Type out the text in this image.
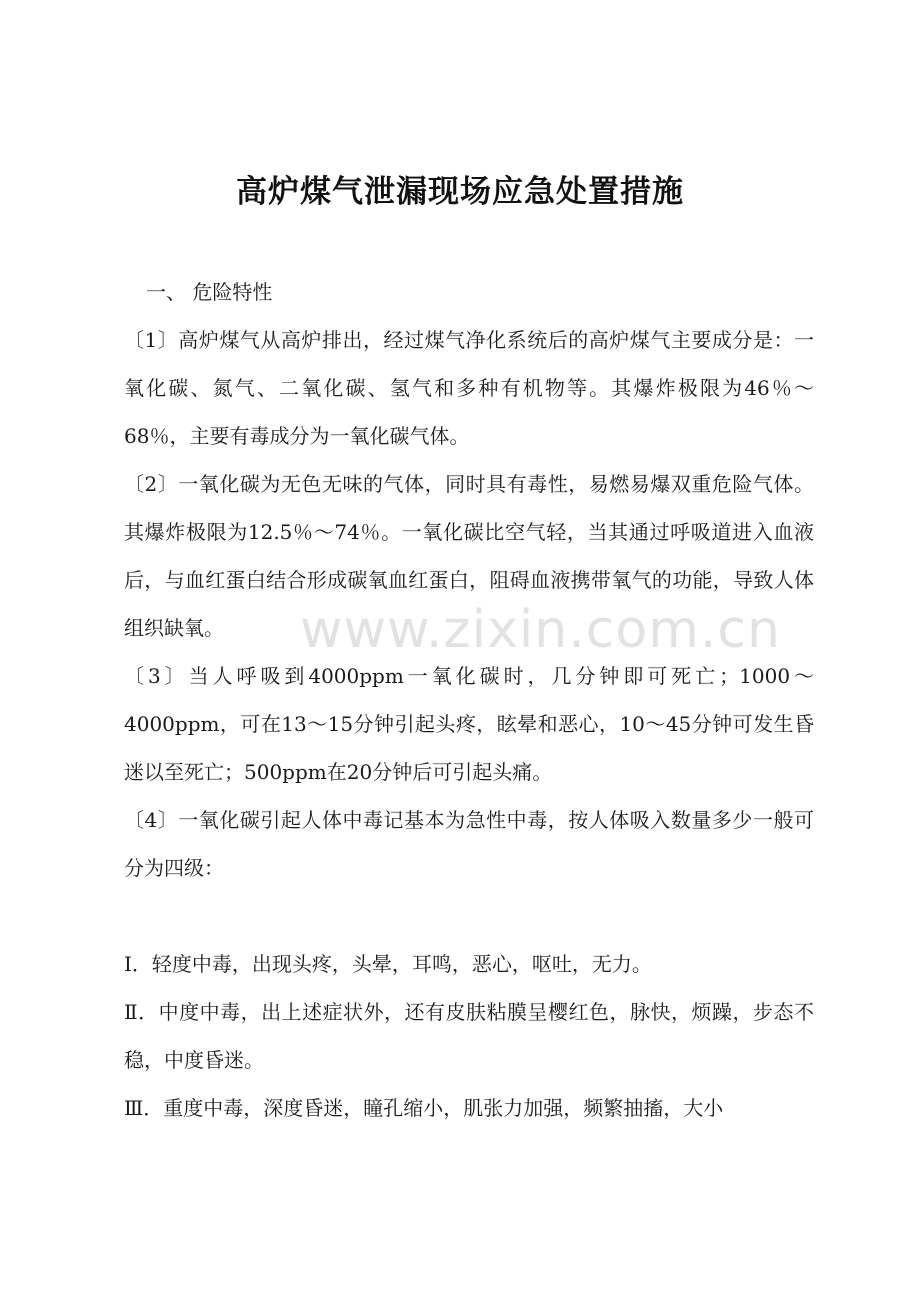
高炉煤气泄漏现场应急处置措施

一、 危险特性

〔1〕高炉煤气从高炉排出，经过煤气净化系统后的高炉煤气主要成分是：一氧化碳、氮气、二氧化碳、氢气和多种有机物等。其爆炸极限为46％～68％，主要有毒成分为一氧化碳气体。

〔2〕一氧化碳为无色无味的气体，同时具有毒性，易燃易爆双重危险气体。其爆炸极限为12.5％～74％。一氧化碳比空气轻，当其通过呼吸道进入血液后，与血红蛋白结合形成碳氧血红蛋白，阻碍血液携带氧气的功能，导致人体组织缺氧。

〔3〕当人呼吸到4000ppm一氧化碳时，几分钟即可死亡；1000～4000ppm，可在13～15分钟引起头疼，眩晕和恶心，10～45分钟可发生昏迷以至死亡；500ppm在20分钟后可引起头痛。

〔4〕一氧化碳引起人体中毒记基本为急性中毒，按人体吸入数量多少一般可分为四级：

Ⅰ．轻度中毒，出现头疼，头晕，耳鸣，恶心，呕吐，无力。

Ⅱ．中度中毒，出上述症状外，还有皮肤粘膜呈樱红色，脉快，烦躁，步态不稳，中度昏迷。

Ⅲ．重度中毒，深度昏迷，瞳孔缩小，肌张力加强，频繁抽搐，大小

www.zixin.com.cn
